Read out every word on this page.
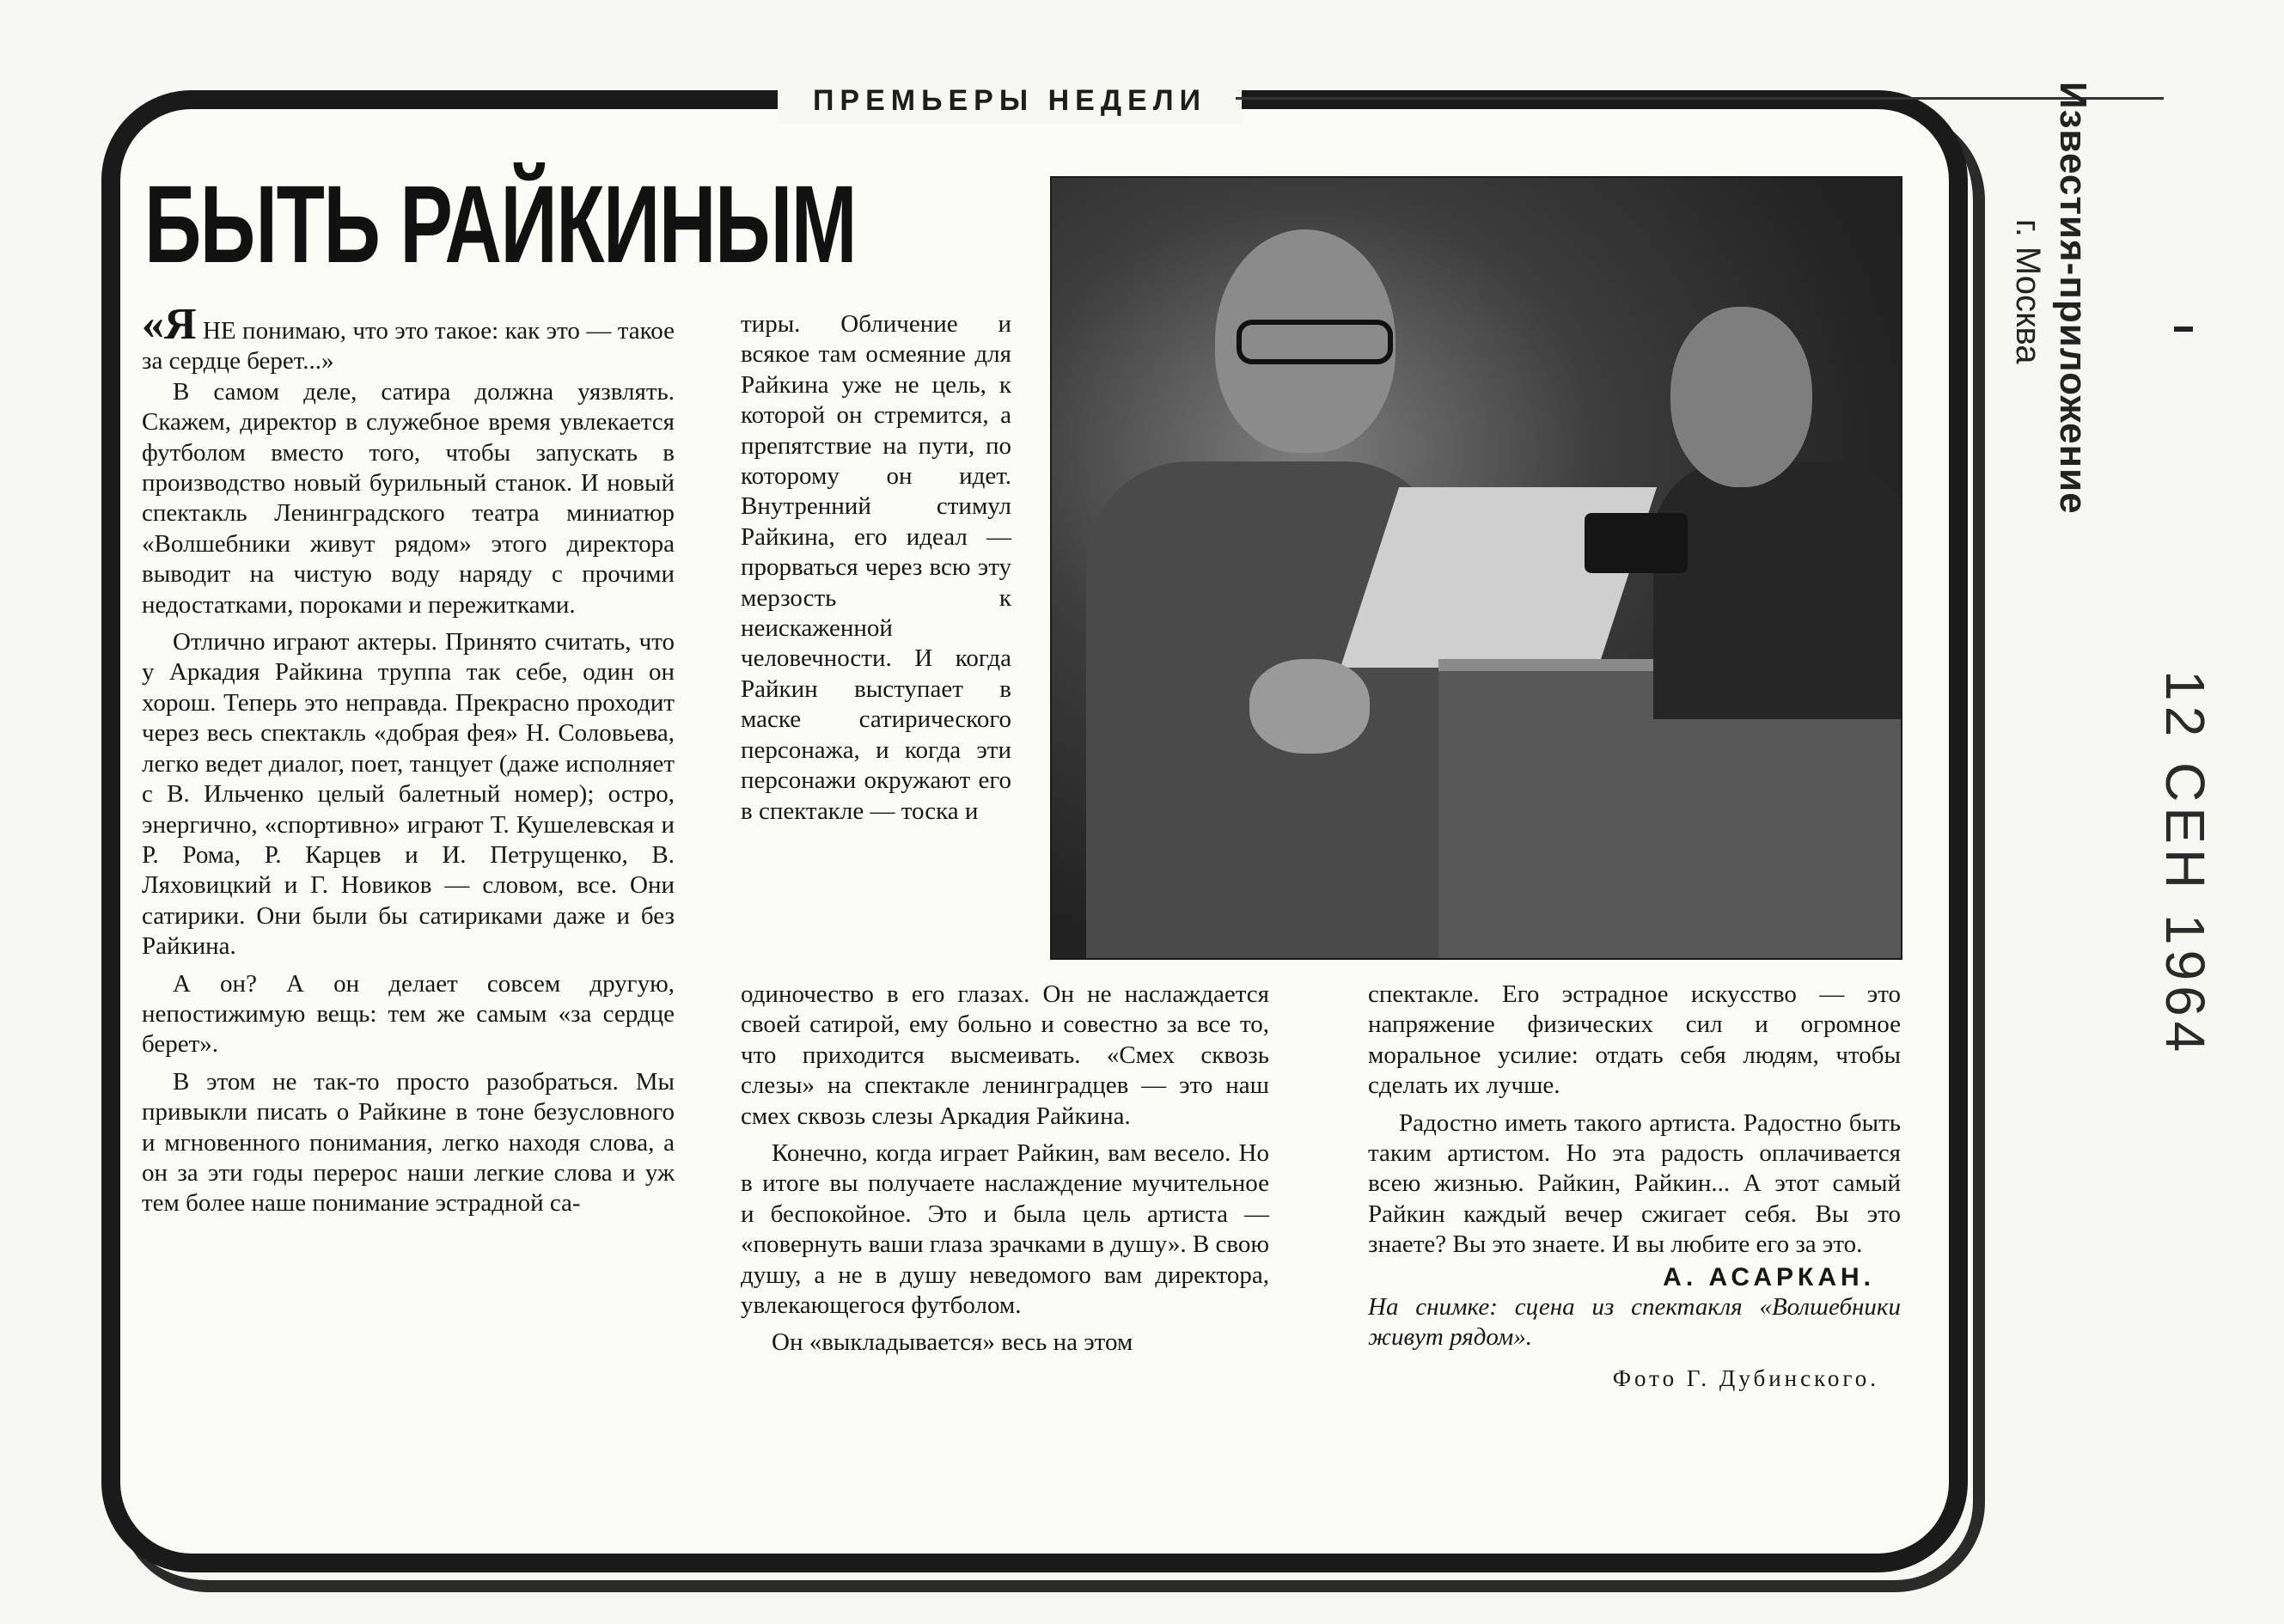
ПРЕМЬЕРЫ НЕДЕЛИ
БЫТЬ РАЙКИНЫМ

«Я НЕ понимаю, что это такое: как это — такое за сердце берет...»

В самом деле, сатира должна уязвлять. Скажем, директор в служебное время увлекается футболом вместо того, чтобы запускать в производство новый бурильный станок. И новый спектакль Ленинградского театра миниатюр «Волшебники живут рядом» этого директора выводит на чистую воду наряду с прочими недостатками, пороками и пережитками.

Отлично играют актеры. Принято считать, что у Аркадия Райкина труппа так себе, один он хорош. Теперь это неправда. Прекрасно проходит через весь спектакль «добрая фея» Н. Соловьева, легко ведет диалог, поет, танцует (даже исполняет с В. Ильченко целый балетный номер); остро, энергично, «спортивно» играют Т. Кушелевская и Р. Рома, Р. Карцев и И. Петрущенко, В. Ляховицкий и Г. Новиков — словом, все. Они сатирики. Они были бы сатириками даже и без Райкина.

А он? А он делает совсем другую, непостижимую вещь: тем же самым «за сердце берет».

В этом не так-то просто разобраться. Мы привыкли писать о Райкине в тоне безусловного и мгновенного понимания, легко находя слова, а он за эти годы перерос наши легкие слова и уж тем более наше понимание эстрадной са-

тиры. Обличение и всякое там осмеяние для Райкина уже не цель, к которой он стремится, а препятствие на пути, по которому он идет. Внутренний стимул Райкина, его идеал — прорваться через всю эту мерзость к неискаженной человечности. И когда Райкин выступает в маске сатирического персонажа, и когда эти персонажи окружают его в спектакле — тоска и

одиночество в его глазах. Он не наслаждается своей сатирой, ему больно и совестно за все то, что приходится высмеивать. «Смех сквозь слезы» на спектакле ленинградцев — это наш смех сквозь слезы Аркадия Райкина.

Конечно, когда играет Райкин, вам весело. Но в итоге вы получаете наслаждение мучительное и беспокойное. Это и была цель артиста — «повернуть ваши глаза зрачками в душу». В свою душу, а не в душу неведомого вам директора, увлекающегося футболом.

Он «выкладывается» весь на этом

спектакле. Его эстрадное искусство — это напряжение физических сил и огромное моральное усилие: отдать себя людям, чтобы сделать их лучше.

Радостно иметь такого артиста. Радостно быть таким артистом. Но эта радость оплачивается всею жизнью. Райкин, Райкин... А этот самый Райкин каждый вечер сжигает себя. Вы это знаете? Вы это знаете. И вы любите его за это.

А. АСАРКАН.

На снимке: сцена из спектакля «Волшебники живут рядом».

Фото Г. Дубинского.
Известия-приложение
г. Москва
12 СЕН 1964
